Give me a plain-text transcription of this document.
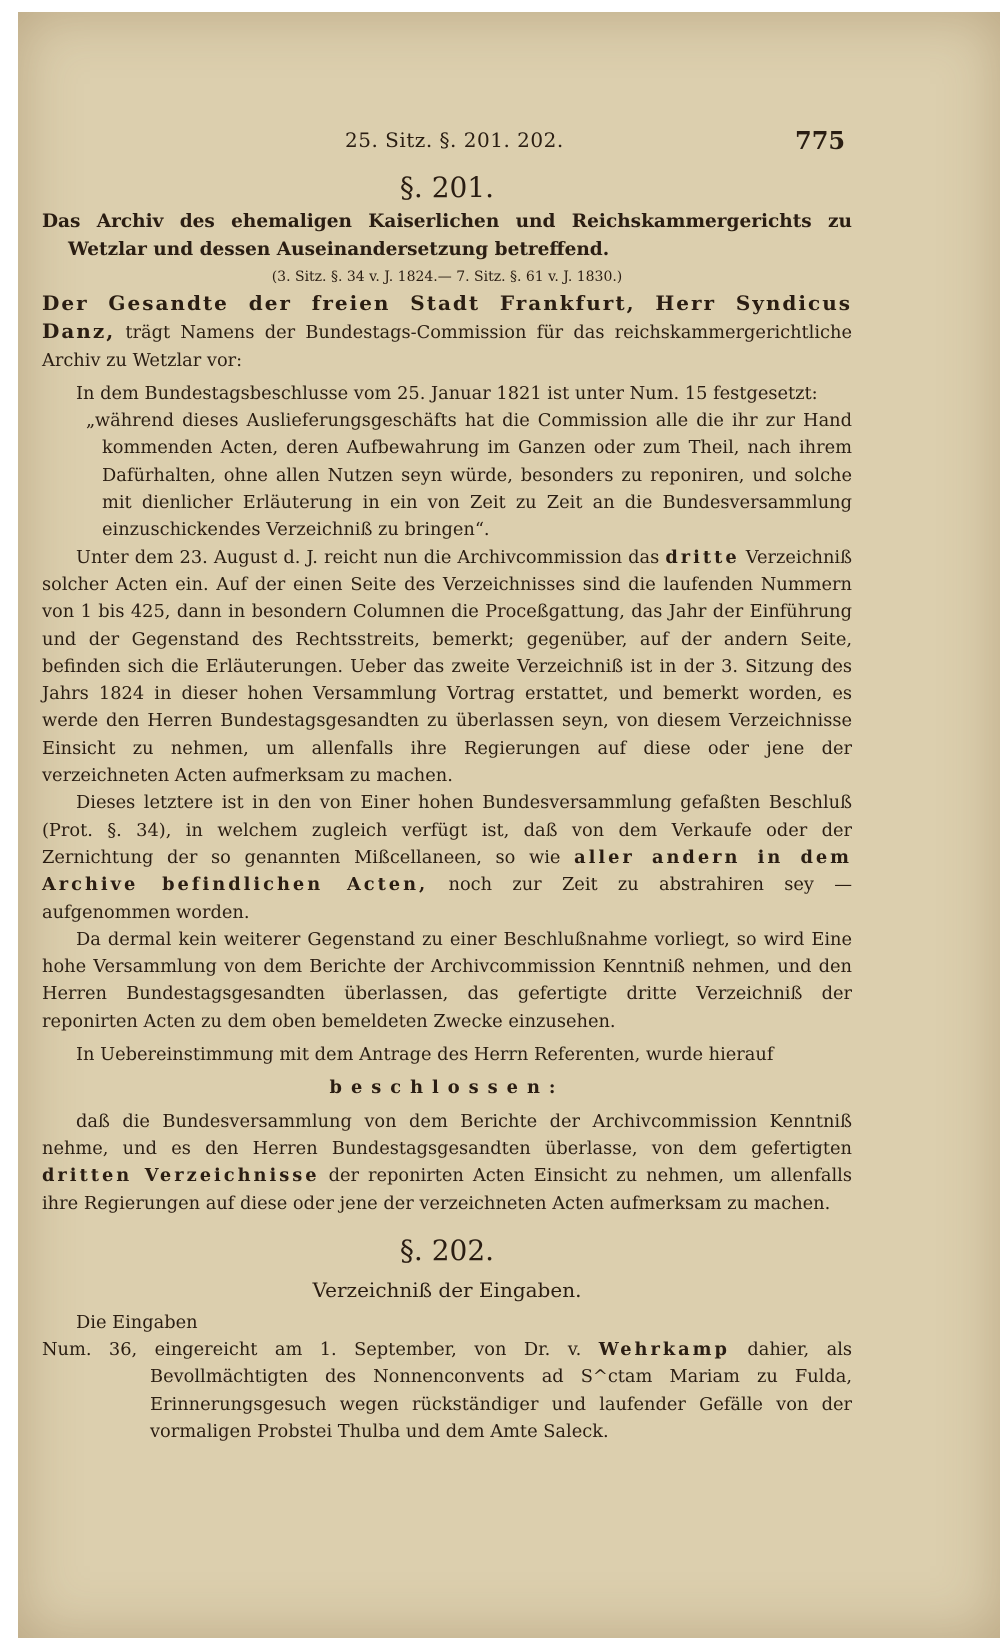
25. Sitz. §. 201. 202.	775
§. 201.

Das Archiv des ehemaligen Kaiserlichen und Reichskammergerichts zu Wetzlar und dessen Auseinandersetzung betreffend.

(3. Sitz. §. 34 v. J. 1824.— 7. Sitz. §. 61 v. J. 1830.)

Der Gesandte der freien Stadt Frankfurt, Herr Syndicus Danz, trägt Namens der Bundestags-Commission für das reichskammergerichtliche Archiv zu Wetzlar vor:

In dem Bundestagsbeschlusse vom 25. Januar 1821 ist unter Num. 15 festgesetzt:

„während dieses Auslieferungsgeschäfts hat die Commission alle die ihr zur Hand kommenden Acten, deren Aufbewahrung im Ganzen oder zum Theil, nach ihrem Dafürhalten, ohne allen Nutzen seyn würde, besonders zu reponiren, und solche mit dienlicher Erläuterung in ein von Zeit zu Zeit an die Bundesversammlung einzuschickendes Verzeichniß zu bringen“.

Unter dem 23. August d. J. reicht nun die Archivcommission das dritte Verzeichniß solcher Acten ein. Auf der einen Seite des Verzeichnisses sind die laufenden Nummern von 1 bis 425, dann in besondern Columnen die Proceßgattung, das Jahr der Einführung und der Gegenstand des Rechtsstreits, bemerkt; gegenüber, auf der andern Seite, befinden sich die Erläuterungen. Ueber das zweite Verzeichniß ist in der 3. Sitzung des Jahrs 1824 in dieser hohen Versammlung Vortrag erstattet, und bemerkt worden, es werde den Herren Bundestagsgesandten zu überlassen seyn, von diesem Verzeichnisse Einsicht zu nehmen, um allenfalls ihre Regierungen auf diese oder jene der verzeichneten Acten aufmerksam zu machen.

Dieses letztere ist in den von Einer hohen Bundesversammlung gefaßten Beschluß (Prot. §. 34), in welchem zugleich verfügt ist, daß von dem Verkaufe oder der Zernichtung der so genannten Mißcellaneen, so wie aller andern in dem Archive befindlichen Acten, noch zur Zeit zu abstrahiren sey — aufgenommen worden.

Da dermal kein weiterer Gegenstand zu einer Beschlußnahme vorliegt, so wird Eine hohe Versammlung von dem Berichte der Archivcommission Kenntniß nehmen, und den Herren Bundestagsgesandten überlassen, das gefertigte dritte Verzeichniß der reponirten Acten zu dem oben bemeldeten Zwecke einzusehen.

In Uebereinstimmung mit dem Antrage des Herrn Referenten, wurde hierauf

beschlossen:

daß die Bundesversammlung von dem Berichte der Archivcommission Kenntniß nehme, und es den Herren Bundestagsgesandten überlasse, von dem gefertigten dritten Verzeichnisse der reponirten Acten Einsicht zu nehmen, um allenfalls ihre Regierungen auf diese oder jene der verzeichneten Acten aufmerksam zu machen.

§. 202.
Verzeichniß der Eingaben.

Die Eingaben

Num. 36, eingereicht am 1. September, von Dr. v. Wehrkamp dahier, als Bevollmächtigten des Nonnenconvents ad S^ctam Mariam zu Fulda, Erinnerungsgesuch wegen rückständiger und laufender Gefälle von der vormaligen Probstei Thulba und dem Amte Saleck.
